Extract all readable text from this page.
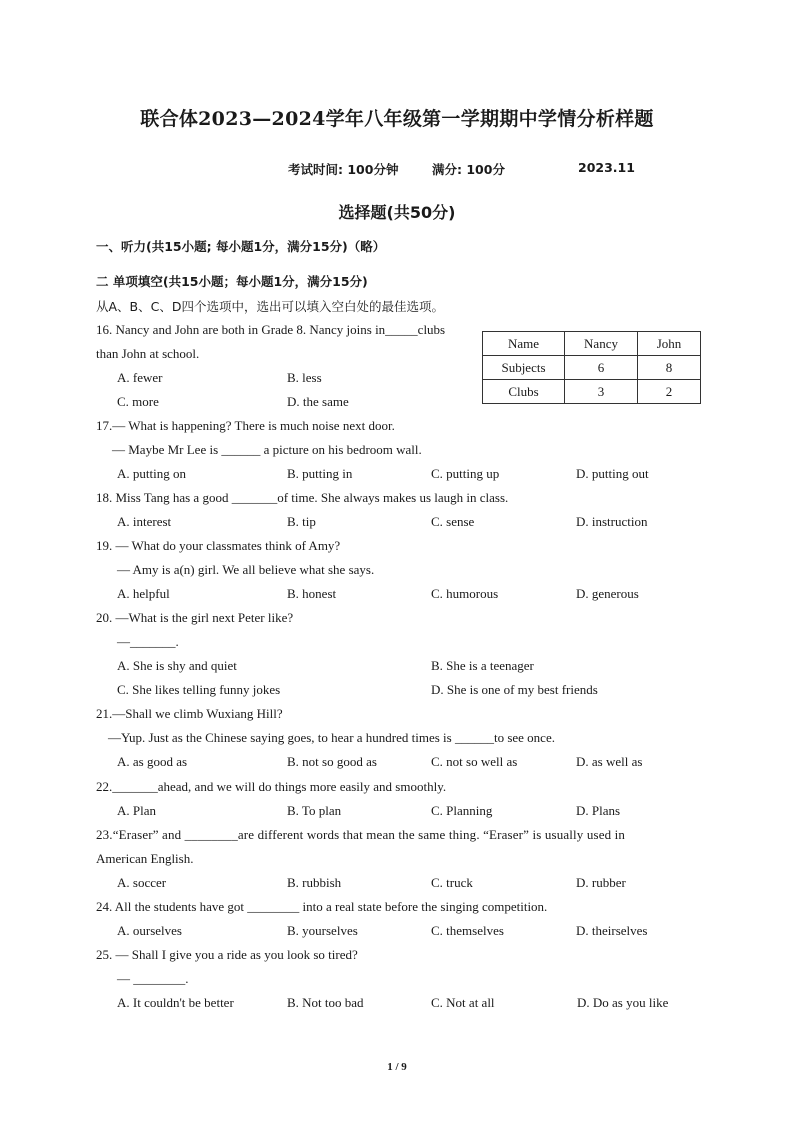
联合体2023—2024学年八年级第一学期期中学情分析样题
考试时间: 100分钟	满分: 100分	2023.11
选择题(共50分)
一、听力(共15小题; 每小题1分，满分15分)（略）
二 单项填空(共15小题；每小题1分，满分15分)
从A、B、C、D四个选项中，选出可以填入空白处的最佳选项。
16. Nancy and John are both in Grade 8. Nancy joins in_____clubs
than John at school.
A. fewer	B. less
C. more	D. the same
Name	Nancy	John
Subjects	6	8
Clubs	3	2
17.— What is happening? There is much noise next door.
— Maybe Mr Lee is ______ a picture on his bedroom wall.
A. putting on	B. putting in	C. putting up	D. putting out
18. Miss Tang has a good _______of time. She always makes us laugh in class.
A. interest	B. tip	C. sense	D. instruction
19. — What do your classmates think of Amy?
— Amy is a(n) girl. We all believe what she says.
A. helpful	B. honest	C. humorous	D. generous
20. —What is the girl next Peter like?
—_______.
A. She is shy and quiet	B. She is a teenager
C. She likes telling funny jokes	D. She is one of my best friends
21.—Shall we climb Wuxiang Hill?
—Yup. Just as the Chinese saying goes, to hear a hundred times is ______to see once.
A. as good as	B. not so good as	C. not so well as	D. as well as
22._______ahead, and we will do things more easily and smoothly.
A. Plan	B. To plan	C. Planning	D. Plans
23.“Eraser” and ________are different words that mean the same thing. “Eraser” is usually used in
American English.
A. soccer	B. rubbish	C. truck	D. rubber
24. All the students have got ________ into a real state before the singing competition.
A. ourselves	B. yourselves	C. themselves	D. theirselves
25. — Shall I give you a ride as you look so tired?
— ________.
A. It couldn't be better	B. Not too bad	C. Not at all	D. Do as you like
1 / 9
